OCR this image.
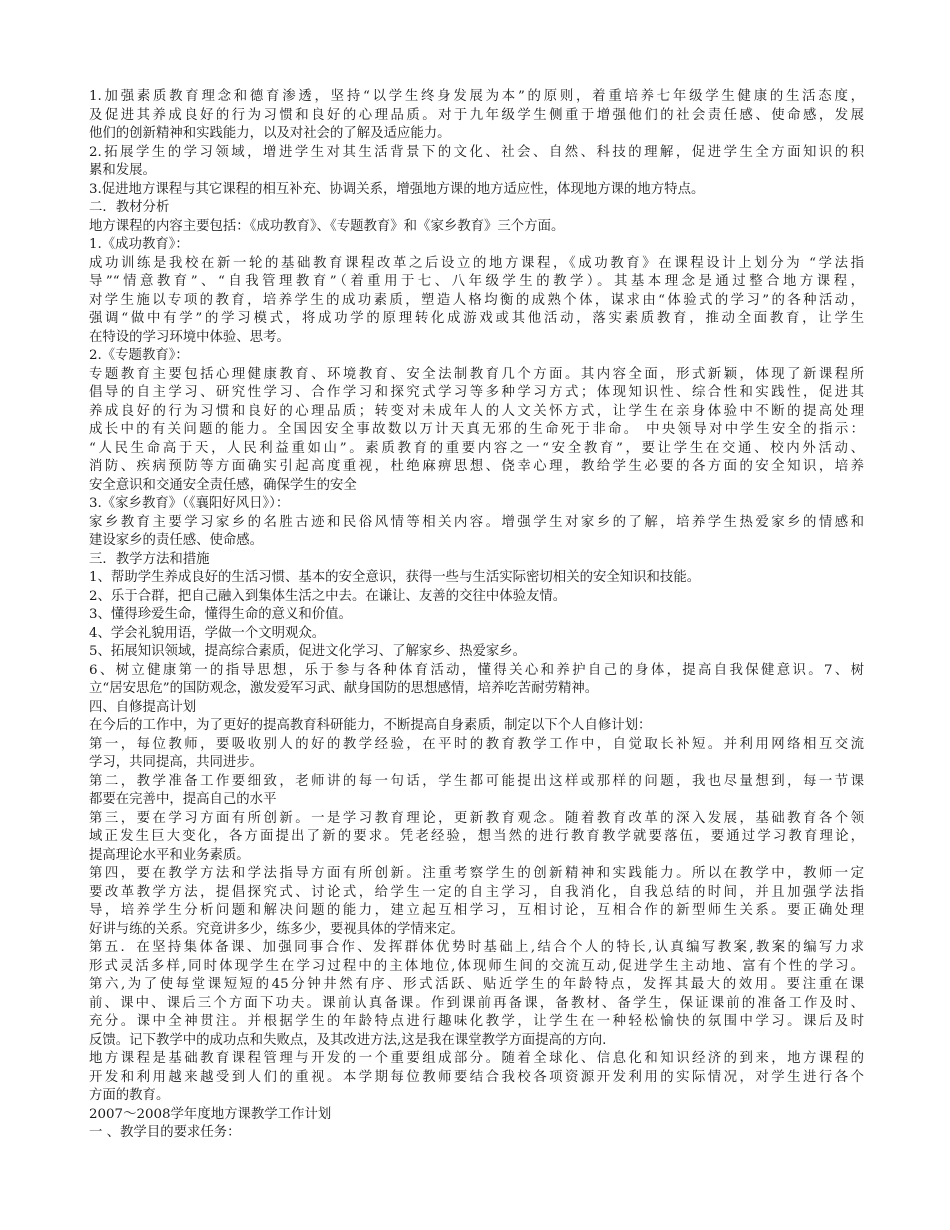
1.加强素质教育理念和德育渗透，坚持“以学生终身发展为本”的原则，着重培养七年级学生健康的生活态度，
及促进其养成良好的行为习惯和良好的心理品质。对于九年级学生侧重于增强他们的社会责任感、使命感，发展
他们的创新精神和实践能力，以及对社会的了解及适应能力。
2.拓展学生的学习领域，增进学生对其生活背景下的文化、社会、自然、科技的理解，促进学生全方面知识的积
累和发展。
3.促进地方课程与其它课程的相互补充、协调关系，增强地方课的地方适应性，体现地方课的地方特点。
二．教材分析
地方课程的内容主要包括：《成功教育》、《专题教育》和《家乡教育》三个方面。
1.《成功教育》：
成功训练是我校在新一轮的基础教育课程改革之后设立的地方课程，《成功教育》在课程设计上划分为 “学法指
导”“情意教育”、“自我管理教育”（着重用于七、八年级学生的教学）。其基本理念是通过整合地方课程，
对学生施以专项的教育，培养学生的成功素质，塑造人格均衡的成熟个体，谋求由“体验式的学习”的各种活动，
强调“做中有学”的学习模式，将成功学的原理转化成游戏或其他活动，落实素质教育，推动全面教育，让学生
在特设的学习环境中体验、思考。
2.《专题教育》：
专题教育主要包括心理健康教育、环境教育、安全法制教育几个方面。其内容全面，形式新颖，体现了新课程所
倡导的自主学习、研究性学习、合作学习和探究式学习等多种学习方式；体现知识性、综合性和实践性，促进其
养成良好的行为习惯和良好的心理品质；转变对未成年人的人文关怀方式，让学生在亲身体验中不断的提高处理
成长中的有关问题的能力。全国因安全事故数以万计天真无邪的生命死于非命。 中央领导对中学生安全的指示：
“人民生命高于天，人民利益重如山”。素质教育的重要内容之一“安全教育”，要让学生在交通、校内外活动、
消防、疾病预防等方面确实引起高度重视，杜绝麻痹思想、侥幸心理，教给学生必要的各方面的安全知识，培养
安全意识和交通安全责任感，确保学生的安全
3.《家乡教育》（《襄阳好风日》）：
家乡教育主要学习家乡的名胜古迹和民俗风情等相关内容。增强学生对家乡的了解，培养学生热爱家乡的情感和
建设家乡的责任感、使命感。
三．教学方法和措施
1、帮助学生养成良好的生活习惯、基本的安全意识，获得一些与生活实际密切相关的安全知识和技能。
2、乐于合群，把自己融入到集体生活之中去。在谦让、友善的交往中体验友情。
3、懂得珍爱生命，懂得生命的意义和价值。
4、学会礼貌用语，学做一个文明观众。
5、拓展知识领域，提高综合素质，促进文化学习、了解家乡、热爱家乡。
6、树立健康第一的指导思想，乐于参与各种体育活动，懂得关心和养护自己的身体，提高自我保健意识。7、树
立“居安思危”的国防观念，激发爱军习武、献身国防的思想感情，培养吃苦耐劳精神。
四、自修提高计划
在今后的工作中，为了更好的提高教育科研能力，不断提高自身素质，制定以下个人自修计划：
第一，每位教师，要吸收别人的好的教学经验，在平时的教育教学工作中，自觉取长补短。并利用网络相互交流
学习，共同提高，共同进步。
第二，教学准备工作要细致，老师讲的每一句话，学生都可能提出这样或那样的问题，我也尽量想到，每一节课
都要在完善中，提高自己的水平
第三，要在学习方面有所创新。一是学习教育理论，更新教育观念。随着教育改革的深入发展，基础教育各个领
域正发生巨大变化，各方面提出了新的要求。凭老经验，想当然的进行教育教学就要落伍，要通过学习教育理论，
提高理论水平和业务素质。
第四，要在教学方法和学法指导方面有所创新。注重考察学生的创新精神和实践能力。所以在教学中，教师一定
要改革教学方法，提倡探究式、讨论式，给学生一定的自主学习，自我消化，自我总结的时间，并且加强学法指
导，培养学生分析问题和解决问题的能力，建立起互相学习，互相讨论，互相合作的新型师生关系。要正确处理
好讲与练的关系。究竟讲多少，练多少，要视具体的学情来定。
第五．在坚持集体备课、加强同事合作、发挥群体优势时基础上,结合个人的特长,认真编写教案,教案的编写力求
形式灵活多样,同时体现学生在学习过程中的主体地位,体现师生间的交流互动,促进学生主动地、富有个性的学习。
第六,为了使每堂课短短的45分钟井然有序、形式活跃、贴近学生的年龄特点，发挥其最大的效用。要注重在课
前、课中、课后三个方面下功夫。课前认真备课。作到课前再备课，备教材、备学生，保证课前的准备工作及时、
充分。课中全神贯注。并根据学生的年龄特点进行趣味化教学，让学生在一种轻松愉快的氛围中学习。课后及时
反馈。记下教学中的成功点和失败点，及其改进方法,这是我在课堂教学方面提高的方向.
地方课程是基础教育课程管理与开发的一个重要组成部分。随着全球化、信息化和知识经济的到来，地方课程的
开发和利用越来越受到人们的重视。本学期每位教师要结合我校各项资源开发利用的实际情况，对学生进行各个
方面的教育。
2007～2008学年度地方课教学工作计划
一 、教学目的要求任务：
